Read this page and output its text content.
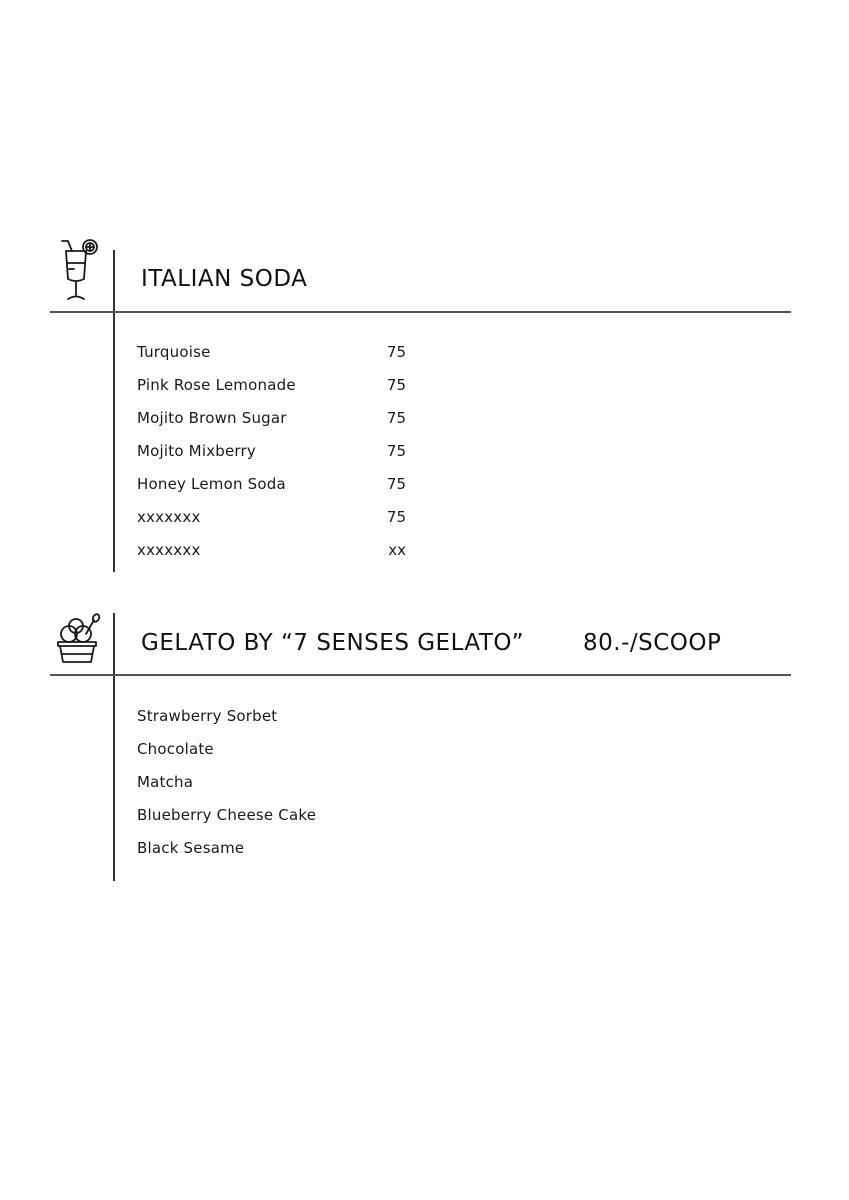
ITALIAN SODA
Turquoise	75
Pink Rose Lemonade	75
Mojito Brown Sugar	75
Mojito Mixberry	75
Honey Lemon Soda	75
xxxxxxx	75
xxxxxxx	xx
GELATO BY “7 SENSES GELATO”	80.-/SCOOP
Strawberry Sorbet
Chocolate
Matcha
Blueberry Cheese Cake
Black Sesame
